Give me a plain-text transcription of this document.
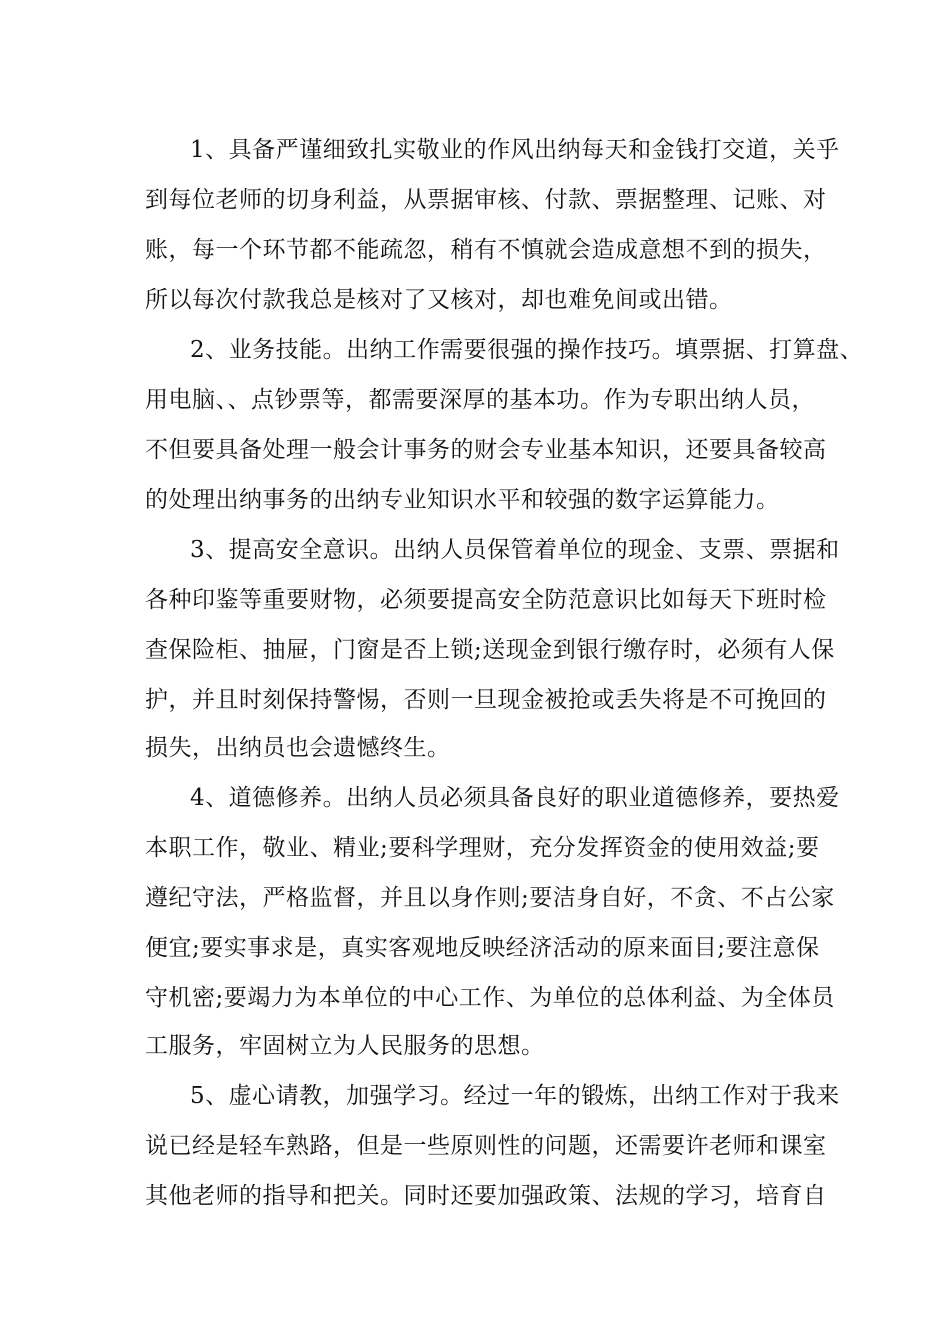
1、具备严谨细致扎实敬业的作风出纳每天和金钱打交道，关乎
到每位老师的切身利益，从票据审核、付款、票据整理、记账、对
账，每一个环节都不能疏忽，稍有不慎就会造成意想不到的损失，
所以每次付款我总是核对了又核对，却也难免间或出错。
2、业务技能。出纳工作需要很强的操作技巧。填票据、打算盘、
用电脑、、点钞票等，都需要深厚的基本功。作为专职出纳人员，
不但要具备处理一般会计事务的财会专业基本知识，还要具备较高
的处理出纳事务的出纳专业知识水平和较强的数字运算能力。
3、提高安全意识。出纳人员保管着单位的现金、支票、票据和
各种印鉴等重要财物，必须要提高安全防范意识比如每天下班时检
查保险柜、抽屉，门窗是否上锁;送现金到银行缴存时，必须有人保
护，并且时刻保持警惕，否则一旦现金被抢或丢失将是不可挽回的
损失，出纳员也会遗憾终生。
4、道德修养。出纳人员必须具备良好的职业道德修养，要热爱
本职工作，敬业、精业;要科学理财，充分发挥资金的使用效益;要
遵纪守法，严格监督，并且以身作则;要洁身自好，不贪、不占公家
便宜;要实事求是，真实客观地反映经济活动的原来面目;要注意保
守机密;要竭力为本单位的中心工作、为单位的总体利益、为全体员
工服务，牢固树立为人民服务的思想。
5、虚心请教，加强学习。经过一年的锻炼，出纳工作对于我来
说已经是轻车熟路，但是一些原则性的问题，还需要许老师和课室
其他老师的指导和把关。同时还要加强政策、法规的学习，培育自
